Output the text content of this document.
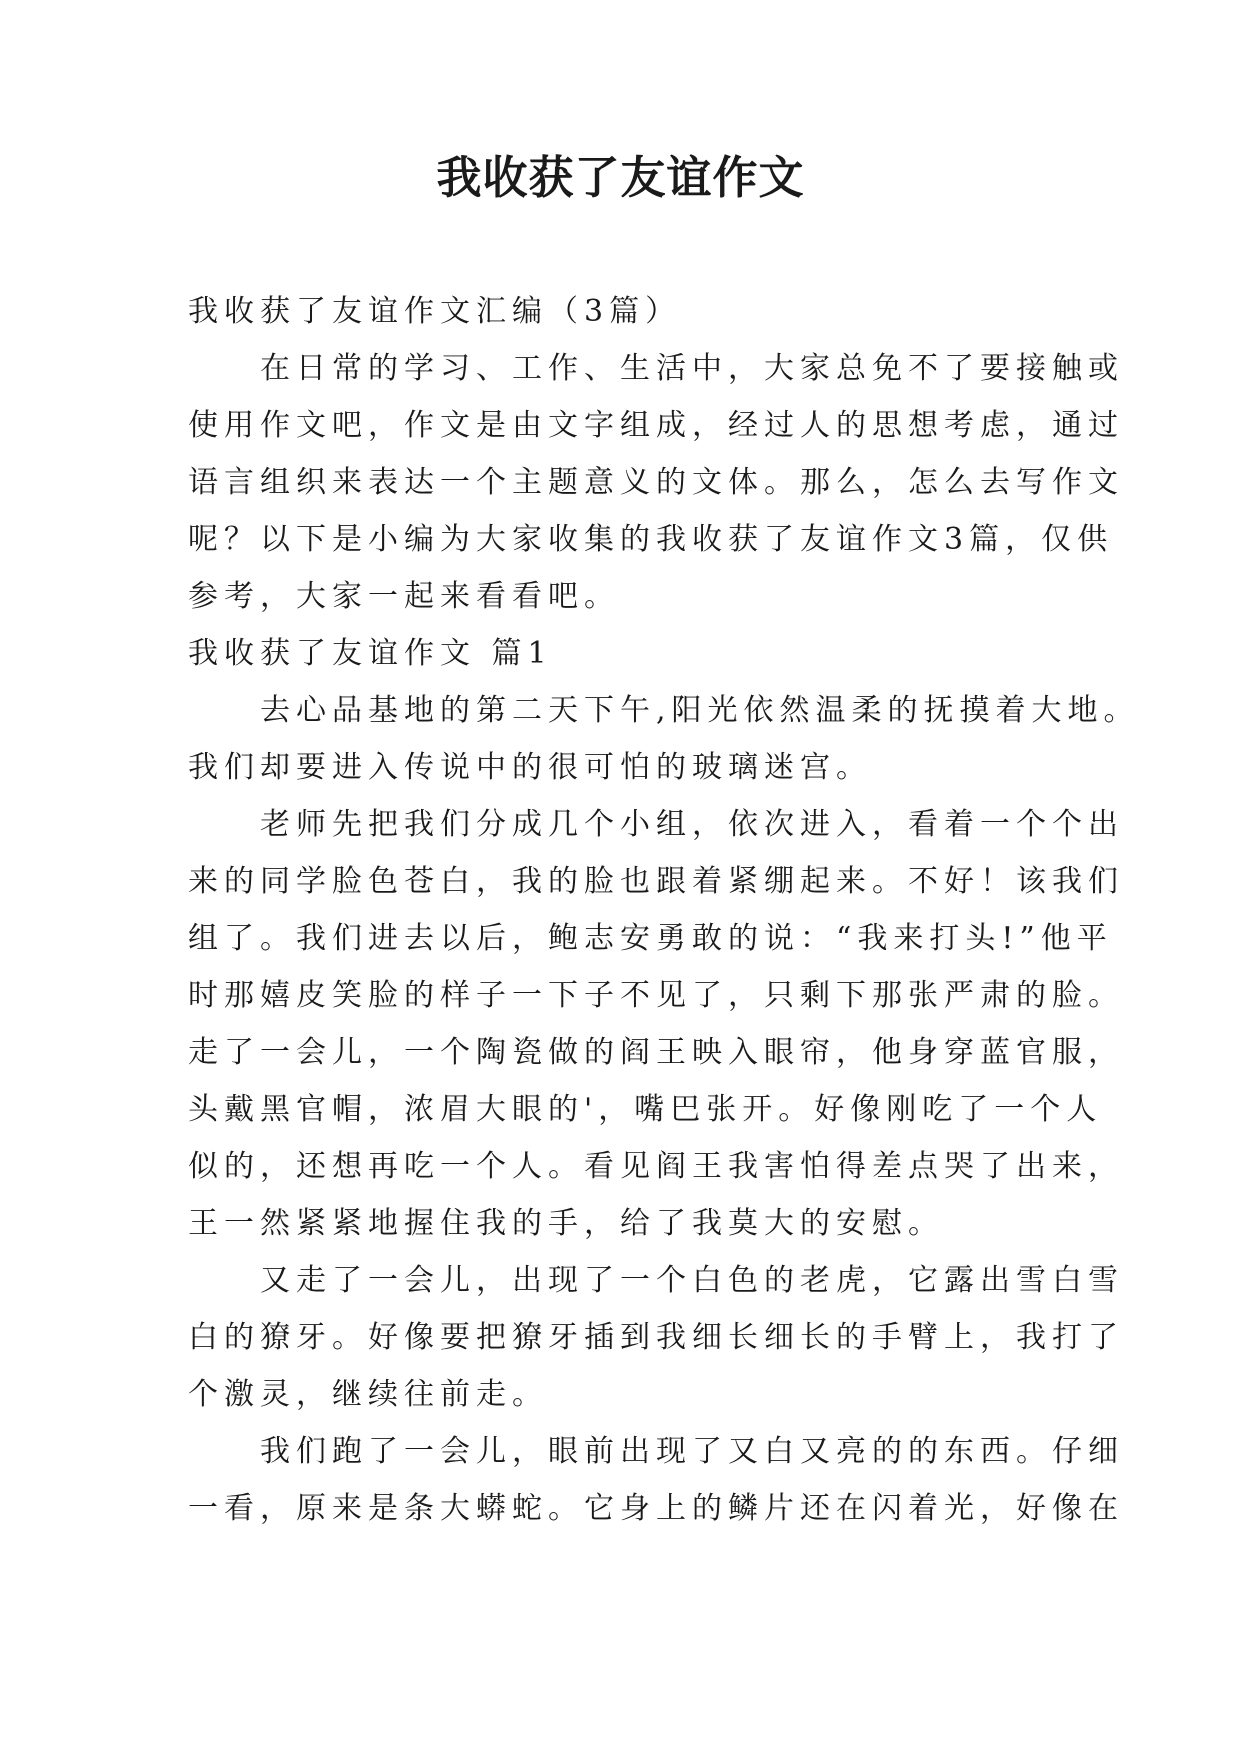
我收获了友谊作文

我收获了友谊作文汇编（3篇）

在日常的学习、工作、生活中，大家总免不了要接触或

使用作文吧，作文是由文字组成，经过人的思想考虑，通过

语言组织来表达一个主题意义的文体。那么，怎么去写作文

呢？以下是小编为大家收集的我收获了友谊作文3篇，仅供

参考，大家一起来看看吧。

我收获了友谊作文 篇1

去心品基地的第二天下午,阳光依然温柔的抚摸着大地。

我们却要进入传说中的很可怕的玻璃迷宫。

老师先把我们分成几个小组，依次进入，看着一个个出

来的同学脸色苍白，我的脸也跟着紧绷起来。不好！该我们

组了。我们进去以后，鲍志安勇敢的说：“我来打头!”他平

时那嬉皮笑脸的样子一下子不见了，只剩下那张严肃的脸。

走了一会儿，一个陶瓷做的阎王映入眼帘，他身穿蓝官服，

头戴黑官帽，浓眉大眼的'，嘴巴张开。好像刚吃了一个人

似的，还想再吃一个人。看见阎王我害怕得差点哭了出来，

王一然紧紧地握住我的手，给了我莫大的安慰。

又走了一会儿，出现了一个白色的老虎，它露出雪白雪

白的獠牙。好像要把獠牙插到我细长细长的手臂上，我打了

个激灵，继续往前走。

我们跑了一会儿，眼前出现了又白又亮的的东西。仔细

一看，原来是条大蟒蛇。它身上的鳞片还在闪着光，好像在
